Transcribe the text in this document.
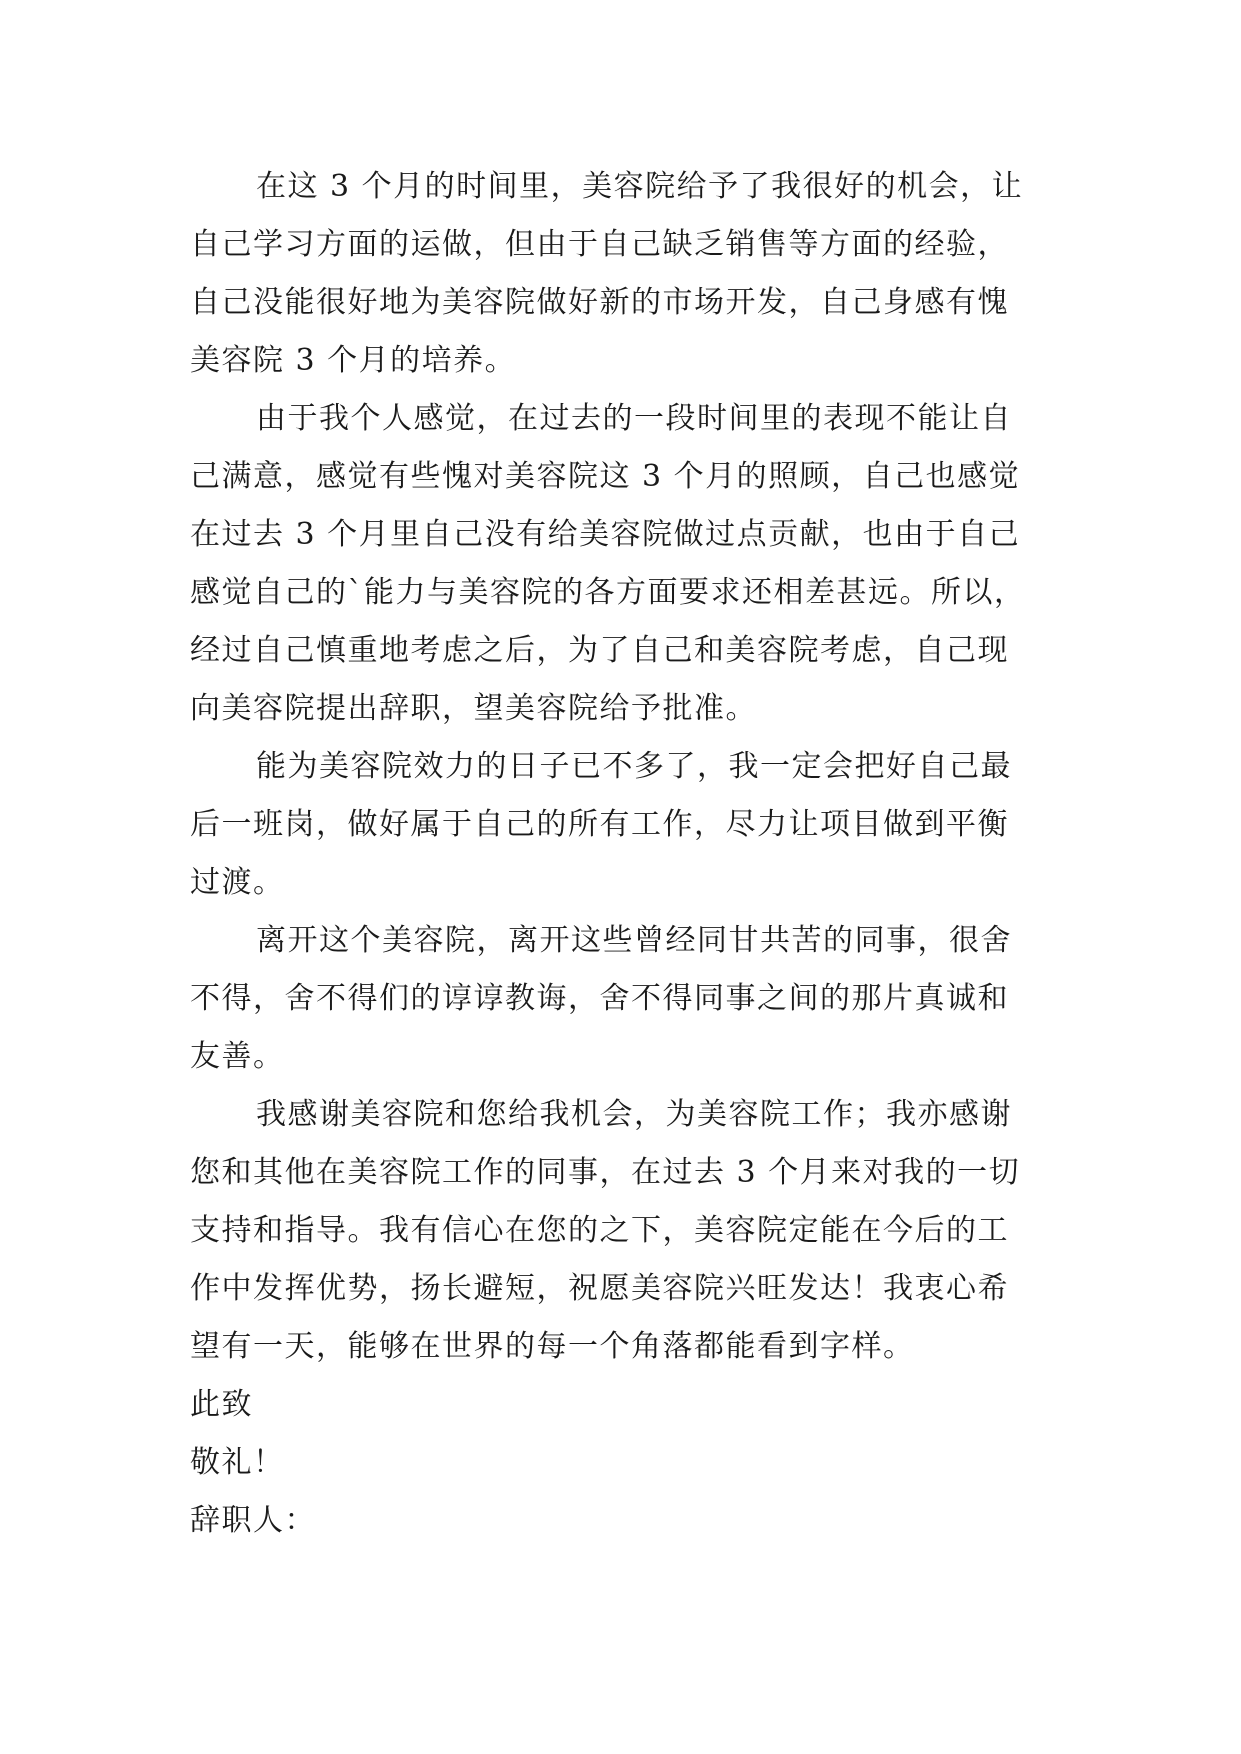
在这 3 个月的时间里，美容院给予了我很好的机会，让
自己学习方面的运做，但由于自己缺乏销售等方面的经验，
自己没能很好地为美容院做好新的市场开发，自己身感有愧
美容院 3 个月的培养。
由于我个人感觉，在过去的一段时间里的表现不能让自
己满意，感觉有些愧对美容院这 3 个月的照顾，自己也感觉
在过去 3 个月里自己没有给美容院做过点贡献，也由于自己
感觉自己的`能力与美容院的各方面要求还相差甚远。所以，
经过自己慎重地考虑之后，为了自己和美容院考虑，自己现
向美容院提出辞职，望美容院给予批准。
能为美容院效力的日子已不多了，我一定会把好自己最
后一班岗，做好属于自己的所有工作，尽力让项目做到平衡
过渡。
离开这个美容院，离开这些曾经同甘共苦的同事，很舍
不得，舍不得们的谆谆教诲，舍不得同事之间的那片真诚和
友善。
我感谢美容院和您给我机会，为美容院工作；我亦感谢
您和其他在美容院工作的同事，在过去 3 个月来对我的一切
支持和指导。我有信心在您的之下，美容院定能在今后的工
作中发挥优势，扬长避短，祝愿美容院兴旺发达！我衷心希
望有一天，能够在世界的每一个角落都能看到字样。
此致
敬礼！
辞职人：
